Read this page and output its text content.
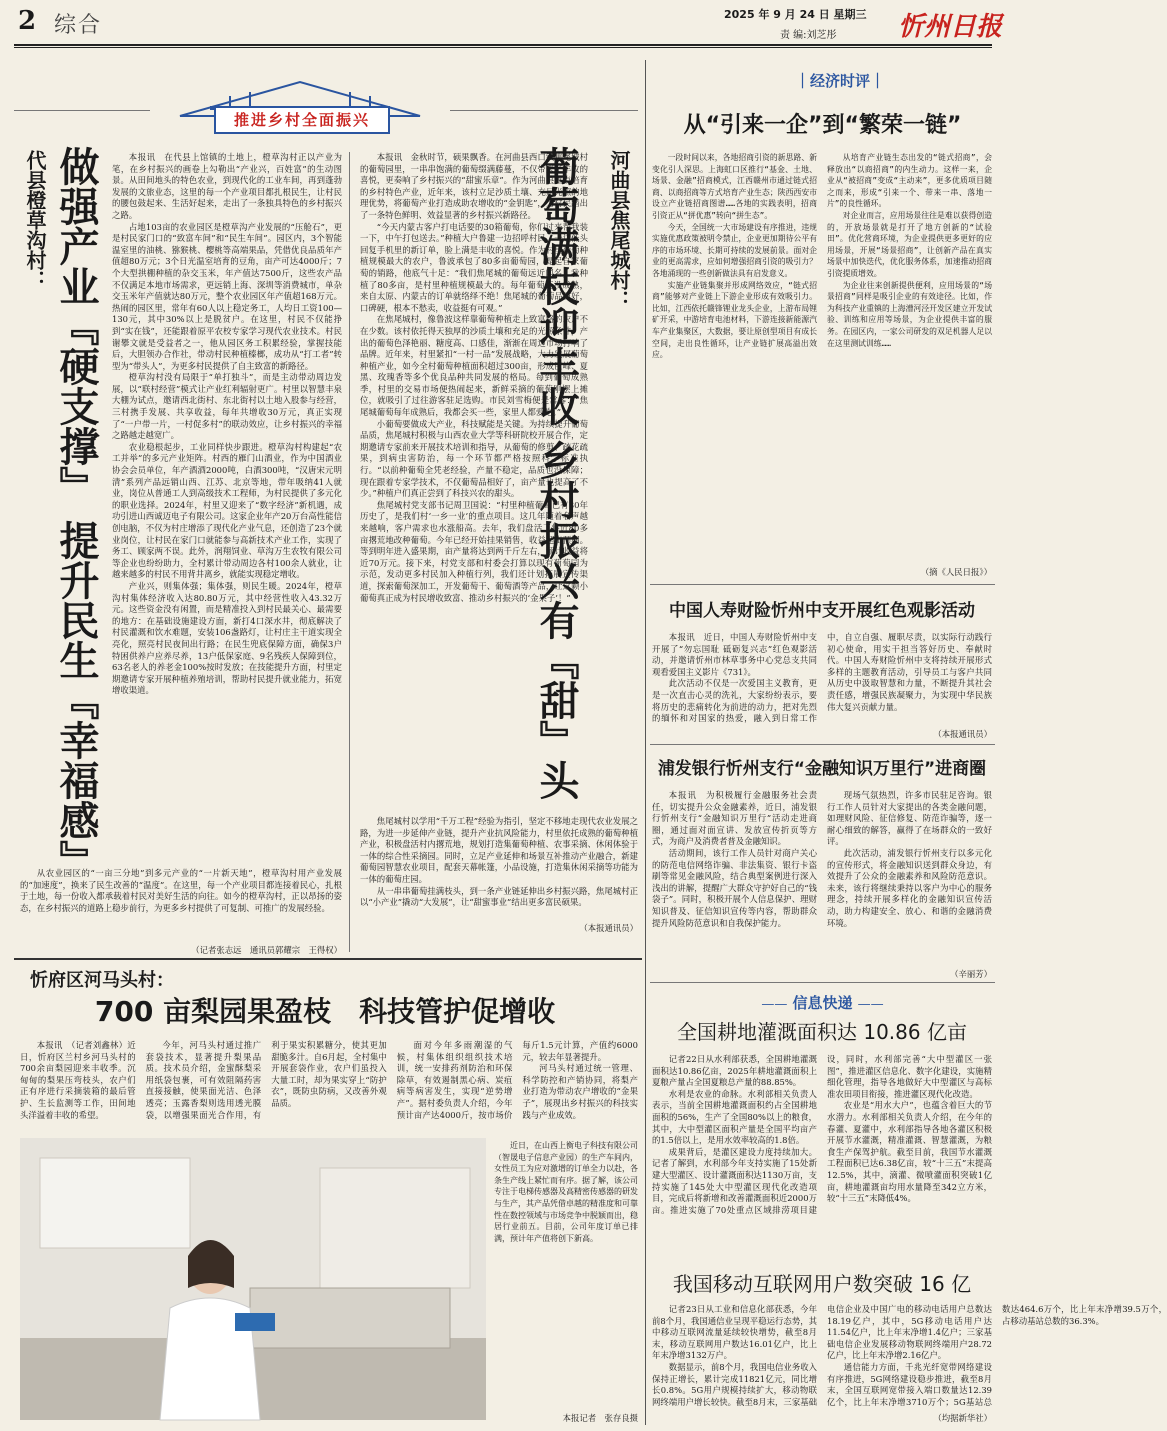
2 综合	2025 年 9 月 24 日 星期三
责 编:刘芝彤 忻州日报
推进乡村全面振兴
代县橙草沟村： 做强产业『硬支撑』 提升民生『幸福感』	本报讯　在代县上馆镇的土地上，橙草沟村正以产业为笔，在乡村振兴的画卷上勾勒出“产业兴，百姓富”的生动图景。从田间地头的特色农业，到现代化的工业车间，再到蓬勃发展的文旅业态，这里的每一个产业项目都扎根民生，让村民的腰包鼓起来、生活好起来，走出了一条独具特色的乡村振兴之路。

占地103亩的农业园区是橙草沟产业发展的“压舱石”，更是村民家门口的“致富车间”和“民生车间”。园区内，3个智能温室里的油桃、猕猴桃、樱桃等高端果品，凭借优良品质年产值超80万元；3个日光温室培育的豆角，亩产可达4000斤；7个大型拱棚种植的杂交玉米，年产值达7500斤，这些农产品不仅满足本地市场需求，更远销上海、深圳等消费城市，单杂交玉米年产值就达80万元，整个农业园区年产值超168万元。热闹的园区里，常年有60人以上稳定务工，人均日工资100—130元，其中30%以上是脱贫户。在这里，村民不仅能挣到“实在钱”，还能跟着原平农校专家学习现代农业技术。村民谢攀文就是受益者之一，他从园区务工积累经验，掌握技能后，大胆领办合作社，带动村民种植榛榔，成功从“打工者”转型为“带头人”，为更多村民提供了自主致富的新路径。

橙草沟村没有局限于“单打独斗”，而是主动带动周边发展，以“联村经营”模式让产业红利辐射更广。村里以智慧丰泉大棚为试点，邀请西北街村、东北街村以土地入股参与经营，三村携手发展、共享收益，每年共增收30万元，真正实现了“一户带一片，一村促多村”的联动效应，让乡村振兴的幸福之路越走越宽广。

农业稳根起步，工业同样快步跟进。橙草沟村构建起“农工并举”的多元产业矩阵。村西的雁门山酒业，作为中国酒业协会会员单位，年产酒酒2000吨，白酒300吨，“汉唐宋元明清”系列产品远销山西、江苏、北京等地，带年吸纳41人就业，岗位从普通工人到高级技术工程师，为村民提供了多元化的职业选择。2024年，村里又迎来了“数字经济”新机遇，成功引进山西诚迈电子有限公司。这家企业年产20万台高性能信创电脑，不仅为村庄增添了现代化产业气息，还创造了23个就业岗位，让村民在家门口就能参与高新技术产业工作，实现了务工、顾家两不误。此外，润翔饲业、草沟万生农牧有限公司等企业也纷纷助力，全村累计带动周边各村100余人就业，让越来越多的村民不用背井离乡，就能实现稳定增收。

产业兴，则集体强；集体强，则民生暖。2024年，橙草沟村集体经济收入达80.80万元，其中经营性收入43.32万元。这些资金没有闲置，而是精准投入到村民最关心、最需要的地方：在基础设施建设方面，新打4口深水井，彻底解决了村民灌溉和饮水难题，安装106盏路灯，让村庄主干道实现全亮化，照亮村民夜间出行路；在民生兜底保障方面，确保3户特困供养户应养尽养，13户低保家庭、9名残疾人保障到位，63名老人的养老金100%按时发放；在技能提升方面，村里定期邀请专家开展种植养殖培训，帮助村民提升就业能力，拓宽增收渠道。

从农业园区的“一亩三分地”到多元产业的“一片新天地”，橙草沟村用产业发展的“加速度”，换来了民生改善的“温度”。在这里，每一个产业项目都连接着民心，扎根于土地，每一份收入都承载着村民对美好生活的向往。如今的橙草沟村，正以昂扬的姿态，在乡村振兴的道路上稳步前行，为更多乡村提供了可复制、可推广的发展经验。

（记者张志远　通讯员郭耀宗　王得权）

本报讯　金秋时节，硕果飘香。在河曲县西口镇焦尾城村的葡萄园里，一串串饱满的葡萄缀满藤蔓，不仅带来了丰收的喜悦，更奏响了乡村振兴的“甜蜜乐章”。作为河曲县重点培育的乡村特色产业，近年来，该村立足沙质土壤、充足光照的地理优势，将葡萄产业打造成助农增收的“金钥匙”，为村民踏出了一条特色鲜明、效益显著的乡村振兴新路径。

“今天内蒙古客户打电话要的30箱葡萄，你们过来帮我装一下，中午打包送去。”种植大户鲁建一边招呼村民，一边低头回复手机里的新订单，脸上满是丰收的喜悦。作为村里葡萄种植规模最大的农户，鲁波承包了80多亩葡萄园，提起自家葡萄的销路，他底气十足：“我们焦尾城的葡萄远近闻名，我种植了80多亩，是村里种植规模最大的。每年葡萄还没成熟，来自太原、内蒙古的订单就络绎不绝！焦尾城的葡萄品质好，口碑硬，根本不愁卖，收益挺有可观。”

在焦尾城村，像鲁波这样靠葡萄种植走上致富路的农户不在少数。该村依托得天独厚的沙质土壤和充足的光照条件，产出的葡萄色泽艳丽、糖度高、口感佳，渐渐在周边市场打响了品牌。近年来，村里紧扣“一村一品”发展战略，大力发展葡萄种植产业，如今全村葡萄种植面积超过300亩，形成巨峰、夏黑、玫瑰香等多个优良品种共同发展的格局。每到葡萄成熟季，村里的交易市场便热闹起来，新鲜采摘的葡萄刚摆上摊位，就吸引了过往游客驻足选购。市民刘雪梅便是常客：“焦尾城葡萄每年成熟后，我都会买一些，家里人都爱吃。”

小葡萄要做成大产业，科技赋能是关键。为持续提升葡萄品质，焦尾城村积极与山西农业大学等科研院校开展合作，定期邀请专家前来开展技术培训和指导，从葡萄的修剪、疏花疏果，到病虫害防治，每一个环节都严格按照科学标准执行。“以前种葡萄全凭老经验，产量不稳定，品质也没保障；现在跟着专家学技术，不仅葡萄品相好了，亩产量也提高了不少。”种植户们真正尝到了科技兴农的甜头。

焦尾城村党支部书记周卫国说：“村里种植葡萄已有30年历史了，是我们村‘一乡一业’的重点项目。这几年随着名声越来越响，客户需求也水涨船高。去年，我们盘活了将近80多亩撂荒地改种葡萄。今年已经开始挂果销售，收益超出预期。等到明年进入盛果期，亩产量将达到两千斤左右，预计收益将近70万元。接下来，村党支部和村委会打算以现有葡萄园为示范，发动更多村民加入种植行列，我们还计划拓展宣传渠道，探索葡萄深加工，开发葡萄干、葡萄酒等产品，让这颗小葡萄真正成为村民增收致富、推动乡村振兴的‘金果子’！”

焦尾城村以学用“千万工程”经验为指引，坚定不移地走现代农业发展之路，为进一步延伸产业链，提升产业抗风险能力，村里依托成熟的葡萄种植产业，积极盘活村内撂荒地，规划打造集葡萄种植、农事采摘、休闲体验于一体的综合性采摘园。同时，立足产业延伸和场景互补推动产业融合，新建葡萄园智慧农业项目，配套天幕帐篷，小品设施，打造集休闲采摘等功能为一体的葡萄庄园。

从一串串葡萄挂满枝头，到一条产业链延伸出乡村振兴路，焦尾城村正以“小产业”撬动“大发展”，让“甜蜜事业”结出更多富民硕果。

（本报通讯员）
河曲县焦尾城村：
葡萄满枝迎丰收 乡村振兴有『甜』头
｜经济时评｜
从“引来一企”到“繁荣一链”

一段时间以来，各地招商引资的新思路、新变化引人深思。上海虹口区推行“基金、土地、场景、金融”招商模式，江西赣州市通过链式招商、以商招商等方式培育产业生态；陕西西安市设立产业链招商图谱……各地的实践表明，招商引资正从“拼优惠”转向“拼生态”。

今天，全国统一大市场建设有序推进，违规实施优惠政策被明令禁止，企业更加期待公平有序的市场环境、长期可持续的发展前景。面对企业的更高需求，应如何增强招商引资的吸引力？各地涌现的一些创新做法具有启发意义。

实施产业链集聚并形成网络效应，“链式招商”能够对产业链上下游企业形成有效吸引力。比如，江西依托赣锋锂业龙头企业，上游布局锂矿开采，中游培育电池材料，下游连接新能源汽车产业集聚区，大数据，要让原创型项目有成长空间，走出良性循环，让产业链扩展高溢出效应。

从培育产业链生态出发的“链式招商”，会释放出“以商招商”的内生动力。这样一来，企业从“被招商”变成“主动来”，更多优质项目随之而来，形成“引来一个、带来一串、落地一片”的良性循环。

对企业而言，应用场景往往是难以获得创造的，开放场景就是打开了地方创新的“试验田”。优化营商环境，为企业提供更多更好的应用场景，开展“场景招商”，让创新产品在真实场景中加快迭代，优化服务体系，加速推动招商引资提质增效。

为企业往来创新提供便利，应用场景的“场景招商”同样是吸引企业的有效途径。比如，作为科技产业重镇的上海漕河泾开发区建立开发试验、训练和应用等场景，为企业提供丰富的服务。在园区内，一家公司研发的双足机器人足以在这里测试训练……

（摘《人民日报》）
中国人寿财险忻州中支开展红色观影活动

本报讯　近日，中国人寿财险忻州中支开展了“勿忘国耻 砥砺复兴志”红色观影活动，并邀请忻州市林草事务中心党总支共同观看爱国主义影片《731》。

此次活动不仅是一次爱国主义教育，更是一次直击心灵的洗礼，大家纷纷表示，要将历史的悲痛转化为前进的动力，把对先烈的缅怀和对国家的热爱，融入到日常工作中，自立自强、履职尽责，以实际行动践行初心使命，用实干担当答好历史、奉献时代。中国人寿财险忻州中支将持续开展形式多样的主题教育活动，引导员工与客户共同从历史中汲取智慧和力量，不断提升其社会责任感，增强民族凝聚力，为实现中华民族伟大复兴贡献力量。

（本报通讯员）
浦发银行忻州支行“金融知识万里行”进商圈

本报讯　为积极履行金融服务社会责任，切实提升公众金融素养，近日，浦发银行忻州支行“金融知识万里行”活动走进商圈，通过面对面宣讲、发放宣传折页等方式，为商户及消费者普及金融知识。

活动期间，该行工作人员针对商户关心的防范电信网络诈骗、非法集资、银行卡盗刷等常见金融风险，结合典型案例进行深入浅出的讲解，提醒广大群众守护好自己的“钱袋子”。同时，积极开展个人信息保护、理财知识普及、征信知识宣传等内容，帮助群众提升风险防范意识和自我保护能力。

现场气氛热烈，许多市民驻足咨询。银行工作人员针对大家提出的各类金融问题，如理财风险、征信修复、防范诈骗等，逐一耐心细致的解答，赢得了在场群众的一致好评。

此次活动，浦发银行忻州支行以多元化的宣传形式，将金融知识送到群众身边，有效提升了公众的金融素养和风险防范意识。未来，该行将继续秉持以客户为中心的服务理念，持续开展多样化的金融知识宣传活动，助力构建安全、放心、和谐的金融消费环境。

（辛丽芳）
—— 信息快递 ——
全国耕地灌溉面积达 10.86 亿亩

记者22日从水利部获悉，全国耕地灌溉面积达10.86亿亩，2025年耕地灌溉面积上夏粮产量占全国夏粮总产量的88.85%。

水利是农业的命脉。水利部相关负责人表示，当前全国耕地灌溉面积约占全国耕地面积的56%，生产了全国80%以上的粮食，其中，大中型灌区面积产量是全国平均亩产的1.5倍以上，是用水效率较高的1.8倍。

成果背后，是灌区建设力度持续加大。记者了解到，水利部今年支持实施了15处新建大型灌区、设计灌溉面积达1130万亩，支持实施了145处大中型灌区现代化改造项目，完成后将新增和改善灌溉面积近2000万亩。推进实施了70处重点区域排涝项目建设，同时，水利部完善“大中型灌区一张图”，推进灌区信息化、数字化建设，实施精细化管理，指导各地做好大中型灌区与高标准农田项目衔接，推进灌区现代化改造。

农业是“用水大户”，也蕴含着巨大的节水潜力。水利部相关负责人介绍，在今年的春灌、夏灌中，水利部指导各地各灌区积极开展节水灌溉，精准灌溉、智慧灌溉，为粮食生产保驾护航。截至目前，我国节水灌溉工程面积已达6.38亿亩，较“十三五”末提高12.5%，其中，滴灌、微喷灌面积突破1亿亩，耕地灌溉亩均用水量降至342立方米，较“十三五”末降低4%。

我国移动互联网用户数突破 16 亿

记者23日从工业和信息化部获悉，今年前8个月，我国通信业呈现平稳运行态势，其中移动互联网流量延续较快增势，截至8月末，移动互联网用户数达16.01亿户，比上年末净增3132万户。

数据显示，前8个月，我国电信业务收入保持正增长，累计完成11821亿元，同比增长0.8%。5G用户规模持续扩大，移动物联网终端用户增长较快。截至8月末，三家基础电信企业及中国广电的移动电话用户总数达18.19亿户，其中，5G移动电话用户达11.54亿户，比上年末净增1.4亿户；三家基础电信企业发展移动物联网终端用户28.72亿户，比上年末净增2.16亿户。

通信能力方面，千兆光纤宽带网络建设有序推进，5G网络建设稳步推进，截至8月末，全国互联网宽带接入端口数量达12.39亿个，比上年末净增3710万个；5G基站总数达464.6万个，比上年末净增39.5万个，占移动基站总数的36.3%。

（均据新华社）
忻府区河马头村：
700 亩梨园果盈枝　科技管护促增收

本报讯　（记者刘鑫林）近日，忻府区兰村乡河马头村的700余亩梨园迎来丰收季。沉甸甸的梨果压弯枝头，农户们正有序进行采摘装箱的最后管护、生长监测等工作，田间地头洋溢着丰收的希望。

今年，河马头村通过推广套袋技术，显著提升梨果品质。技术员介绍，金蜜酥梨采用纸袋包裹，可有效阻隔药害直接接触，使果面光洁、色泽透亮；玉露香梨则选用透光膜袋，以增强果面光合作用，有利于果实积累糖分，使其更加甜脆多汁。自6月起，全村集中开展套袋作业，农户们虽投入大量工时，却为果实穿上“防护衣”，既防虫防病，又改善外观品质。

面对今年多雨潮湿的气候，村集体组织组织技术培训，统一安排药剂防治和环保除草，有效遏制黑心病、炭疽病等病害发生，实现“逆势增产”。据村委负责人介绍，今年预计亩产达4000斤，按市场价每斤1.5元计算，产值约6000元，较去年显著提升。

河马头村通过统一管理、科学防控和产销协同，将梨产业打造为带动农户增收的“金果子”，展现出乡村振兴的科技实践与产业成效。

近日，在山西上衡电子科技有限公司（智晟电子信息产业园）的生产车间内，女性员工为应对激增的订单全力以赴，各条生产线上紧忙而有序。据了解，该公司专注于电梯传感器及高精密传感器的研发与生产，其产品凭借卓越的精准度和可靠性在数控领域与市场竞争中脱颖而出，稳居行业前五。目前，公司年度订单已排满，预计年产值将创下新高。

本报记者　张存良摄
